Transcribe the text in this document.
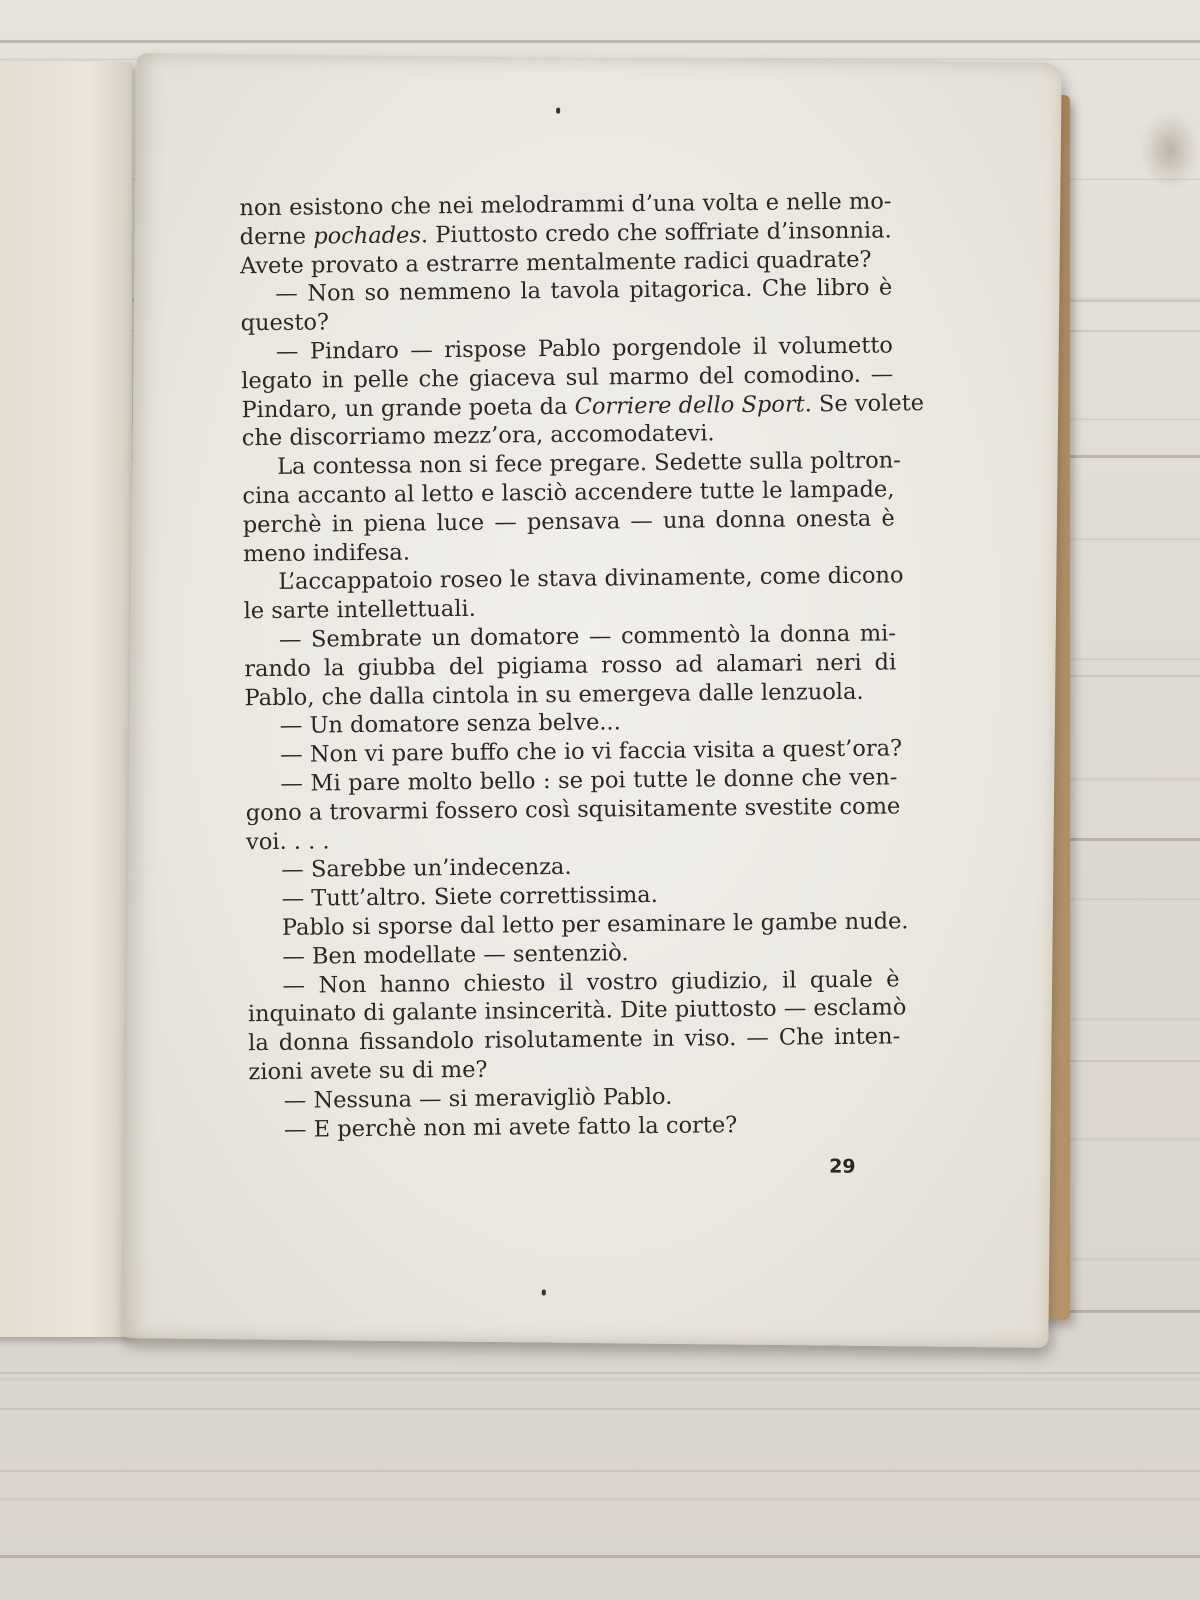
non esistono che nei melodrammi d’una volta e nelle mo-
derne pochades. Piuttosto credo che soffriate d’insonnia.
Avete provato a estrarre mentalmente radici quadrate?
— Non so nemmeno la tavola pitagorica. Che libro è
questo?
— Pindaro — rispose Pablo porgendole il volumetto
legato in pelle che giaceva sul marmo del comodino. —
Pindaro, un grande poeta da Corriere dello Sport. Se volete
che discorriamo mezz’ora, accomodatevi.
La contessa non si fece pregare. Sedette sulla poltron-
cina accanto al letto e lasciò accendere tutte le lampade,
perchè in piena luce — pensava — una donna onesta è
meno indifesa.
L’accappatoio roseo le stava divinamente, come dicono
le sarte intellettuali.
— Sembrate un domatore — commentò la donna mi-
rando la giubba del pigiama rosso ad alamari neri di
Pablo, che dalla cintola in su emergeva dalle lenzuola.
— Un domatore senza belve...
— Non vi pare buffo che io vi faccia visita a quest’ora?
— Mi pare molto bello : se poi tutte le donne che ven-
gono a trovarmi fossero così squisitamente svestite come
voi. . . .
— Sarebbe un’indecenza.
— Tutt’altro. Siete correttissima.
Pablo si sporse dal letto per esaminare le gambe nude.
— Ben modellate — sentenziò.
— Non hanno chiesto il vostro giudizio, il quale è
inquinato di galante insincerità. Dite piuttosto — esclamò
la donna fissandolo risolutamente in viso. — Che inten-
zioni avete su di me?
— Nessuna — si meravigliò Pablo.
— E perchè non mi avete fatto la corte?
29
